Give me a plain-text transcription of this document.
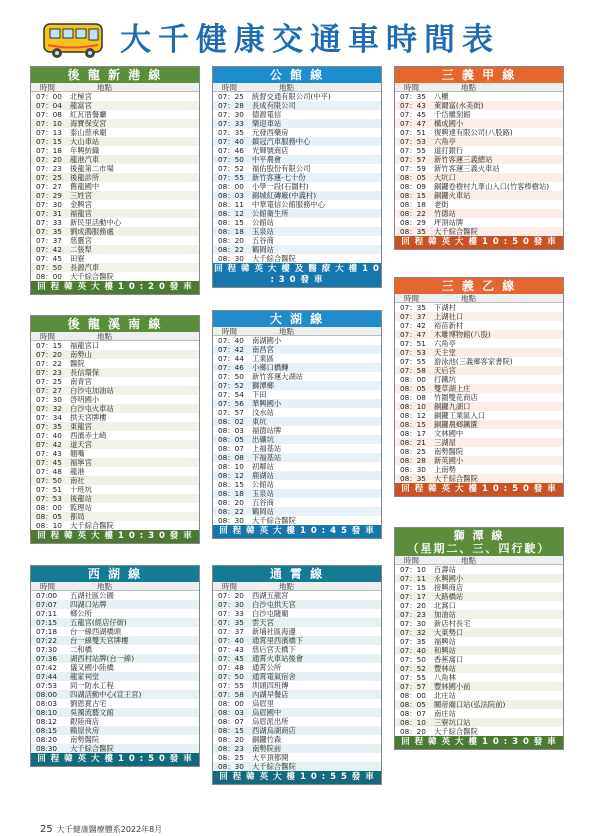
大千健康交通車時間表
後 龍 新 港 線
時間	地點
07：00	北極宮
07：04	龍富宮
07：08	紅瓦厝餐廳
07：10	海寶保安宮
07：13	泰山慈承廟
07：15	大山車站
07：18	年興紡織
07：20	龍港汽車
07：23	後龍第二市場
07：25	後龍診所
07：27	舊龍國中
07：29	三姓宮
07：30	金興宮
07：31	福龍宮
07：33	新民里活動中心
07：35	劉成鴻服務處
07：37	慈靈宮
07：42	二張犁
07：45	田寮
07：50	長源汽車
08：00	大千綜合醫院
回 程 韓 英 大 樓 1 0 : 2 0 發 車
公 館 線
時間	地點
07：25	統督交通有限公司(中平)
07：28	長成有限公司
07：30	德源電信
07：33	樂迎車站
07：35	元發西藥房
07：40	鎮冠汽車服務中心
07：46	光輝號商店
07：50	中平農會
07：52	福佑股份有限公司
07：55	新竹客運-七十份
08：00	小學一段(石圍村)
08：03	錦城紅磚廠(中義村)
08：11	中華電信公館服務中心
08：12	公館衛生所
08：15	公館站
08：18	玉泉站
08：20	五谷商
08：22	鶴岡站
08：30	大千綜合醫院
回 程 韓 英 大 樓 及 醫 療 大 樓 1 0 : 3 0 發 車
三 義 甲 線
時間	地點
07：35	八櫃
07：43	萊爾富(水美街)
07：45	千岱雕刻館
07：47	構成國小
07：51	復興達有限公司(八股路)
07：53	六角亭
07：55	道打銀行
07：57	新竹客運三義總站
07：59	新竹客運三義火車站
08：05	大坑口
08：09	銅鑼卷樹村九華山入口(竹客棒樹站)
08：15	銅鑼火車站
08：18	老街
08：22	竹德站
08：29	坪頂站牌
08：35	大千綜合醫院
回 程 韓 英 大 樓 1 0 : 5 0 發 車
後 龍 溪 南 線
時間	地點
07：15	福龍宮口
07：20	南勢山
07：22	醫院
07：23	長信環保
07：25	南青宮
07：27	白沙屯加油站
07：30	啓明國小
07：32	白沙屯火車站
07：34	拱天宮牌樓
07：35	東龍宮
07：40	西濱赤土崎
07：42	道天宮
07：43	翹嘴
07：45	福寧宮
07：48	龍港
07：50	南社
07：51	十班坑
07：53	後龍站
08：00	監理站
08：05	都局
08：10	大千綜合醫院
回 程 韓 英 大 樓 1 0 : 3 0 發 車
大 湖 線
時間	地點
07：40	南湖國小
07：42	南昌宮
07：44	工業區
07：46	小鄉口橋轉
07：50	新竹客運大湖站
07：52	獅潭鄉
07：54	下田
07：56	華興國小
07：57	汶水站
08：02	東坑
08：03	福德站牌
08：05	出礦坑
08：07	上福基站
08：08	下福基站
08：10	初鄰站
08：12	鹿湖站
08：15	公館站
08：18	玉泉站
08：20	五谷商
08：22	鶴岡站
08：30	大千綜合醫院
回 程 韓 英 大 樓 1 0 : 4 5 發 車
三 義 乙 線
時間	地點
07：35	下湖村
07：37	上湖社口
07：42	裕苗新村
07：47	木雕博物館(八股)
07：51	六角亭
07：53	天主堂
07：55	游泳池(三義鄉客家書院)
07：58	天后宮
08：00	打鐵坑
08：05	雙草湖上庄
08：08	竹圍雙花商店
08：10	銅鑼九湖口
08：12	銅鑼工業區入口
08：15	銅鑼農鄉鐵匱
08：17	文林國中
08：21	三湖屋
08：25	南勢醫院
08：28	新英國小
08：30	上南勢
08：35	大千綜合醫院
回 程 韓 英 大 樓 1 0 : 5 0 發 車
西 湖 線
時間	地點
07:00	五湖社區公園
07:07	四湖口站牌
07:11	鄉公所
07:15	五龍宮(經店仔街)
07:18	台一線西湖橋頭
07:22	台一線雙天宮牌樓
07:30	二和橋
07:36	湖西村站牌(台一線)
07:42	儀又國小陸橋
07:44	龍家祠堂
07:53	同一防水工程
08:00	四湖活動中心(宣王宮)
08:03	劉恩寬古宅
08:10	吳濁流藝文館
08:12	銀陸商店
08:15	賴屋伙房
08:20	南勢醫院
08:30	大千綜合醫院
回 程 韓 英 大 樓 1 0 : 5 0 發 車
通 霄 線
時間	地點
07：20	西湖五龍宮
07：30	白沙屯拱天宮
07：33	白沙屯隨廟
07：35	雲天宮
07：37	新埔社區海邊
07：40	通霄里西濱橋下
07：43	慈后宮天橋下
07：45	通霄火車站後會
07：48	通霄公所
07：50	通霄電氣宿舍
07：55	圳頭四班傳
07：58	內湖早餐店
08：00	烏眉里
08：03	烏眉國中
08：07	烏眉派出所
08：15	西湖烏湖商店
08：20	銅鑼竹森
08：23	南勢院前
08：25	大平頂都開
08：30	大千綜合醫院
回 程 韓 英 大 樓 1 0 : 5 5 發 車
獅 潭 線
（星期二、三、四行駛）
時間	地點
07：10	百壽站
07：11	永興國小
07：15	接興商店
07：17	大路橋站
07：20	北窩口
07：23	加油站
07：30	新店村長宅
07：32	大東勢口
07：35	福興站
07：40	和興站
07：50	香蕉窩口
07：52	豐林站
07：55	八角林
07：57	豐林國小前
08：00	北庄站
08：05	關帝廟口站(弘法院前)
08：07	南庄站
08：10	三寮坑口站
08：20	大千綜合醫院
回 程 韓 英 大 樓 1 0 : 3 0 發 車
25 大千健康醫療體系2022年8月
